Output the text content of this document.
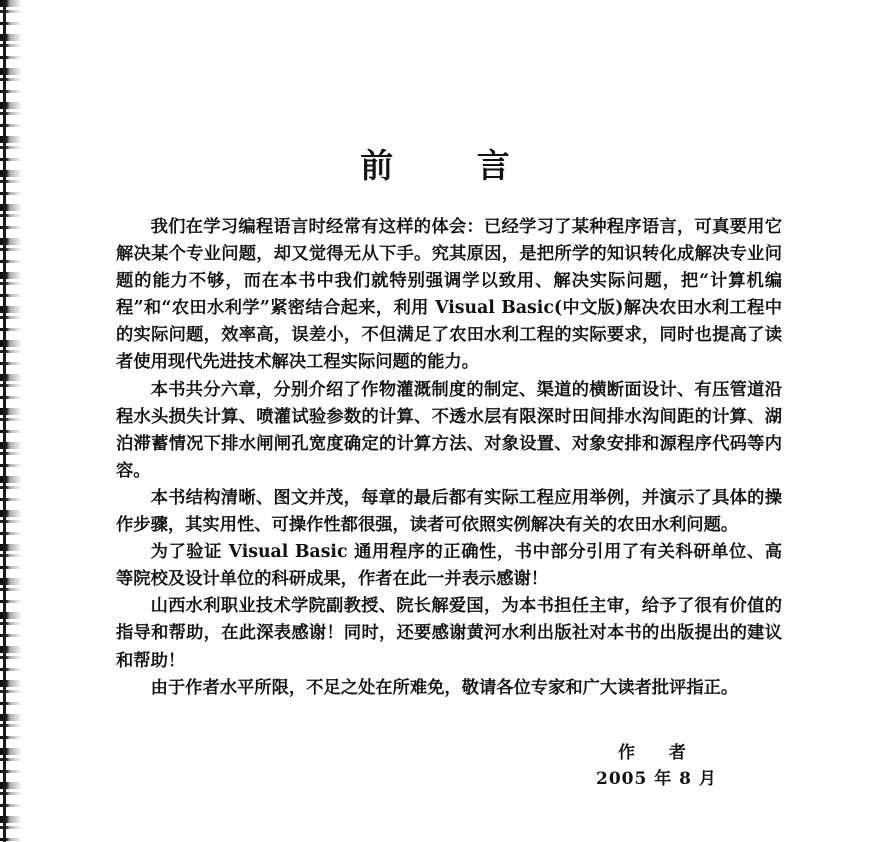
前 言

我们在学习编程语言时经常有这样的体会：已经学习了某种程序语言，可真要用它解决某个专业问题，却又觉得无从下手。究其原因，是把所学的知识转化成解决专业问题的能力不够，而在本书中我们就特别强调学以致用、解决实际问题，把“计算机编程”和“农田水利学”紧密结合起来，利用 Visual Basic(中文版)解决农田水利工程中的实际问题，效率高，误差小，不但满足了农田水利工程的实际要求，同时也提高了读者使用现代先进技术解决工程实际问题的能力。

本书共分六章，分别介绍了作物灌溉制度的制定、渠道的横断面设计、有压管道沿程水头损失计算、喷灌试验参数的计算、不透水层有限深时田间排水沟间距的计算、湖泊滞蓄情况下排水闸闸孔宽度确定的计算方法、对象设置、对象安排和源程序代码等内容。

本书结构清晰、图文并茂，每章的最后都有实际工程应用举例，并演示了具体的操作步骤，其实用性、可操作性都很强，读者可依照实例解决有关的农田水利问题。

为了验证 Visual Basic 通用程序的正确性，书中部分引用了有关科研单位、高等院校及设计单位的科研成果，作者在此一并表示感谢！

山西水利职业技术学院副教授、院长解爱国，为本书担任主审，给予了很有价值的指导和帮助，在此深表感谢！同时，还要感谢黄河水利出版社对本书的出版提出的建议和帮助！

由于作者水平所限，不足之处在所难免，敬请各位专家和广大读者批评指正。

作 者
2005 年 8 月
